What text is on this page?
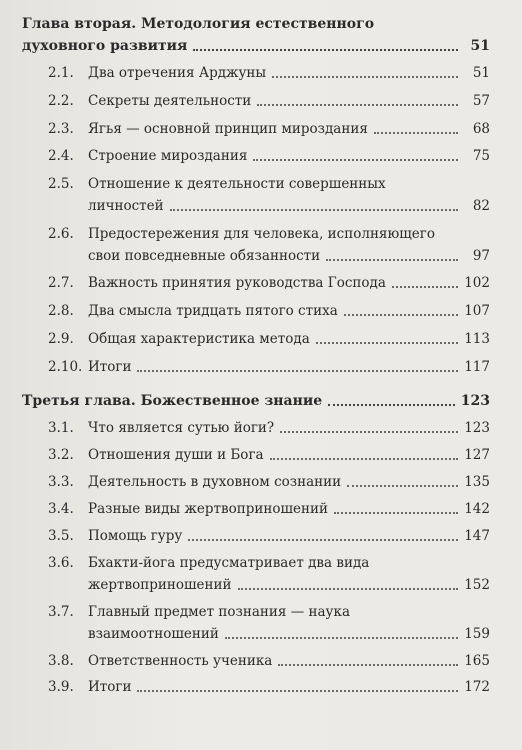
Глава вторая. Методология естественного
духовного развития	51
2.1. Два отречения Арджуны	51
2.2. Секреты деятельности	57
2.3. Ягья — основной принцип мироздания	68
2.4. Строение мироздания	75
2.5. Отношение к деятельности совершенных
личностей	82
2.6. Предостережения для человека, исполняющего
свои повседневные обязанности	97
2.7. Важность принятия руководства Господа	102
2.8. Два смысла тридцать пятого стиха	107
2.9. Общая характеристика метода	113
2.10. Итоги	117
Третья глава. Божественное знание	123
3.1. Что является сутью йоги?	123
3.2. Отношения души и Бога	127
3.3. Деятельность в духовном сознании	135
3.4. Разные виды жертвоприношений	142
3.5. Помощь гуру	147
3.6. Бхакти-йога предусматривает два вида
жертвоприношений	152
3.7. Главный предмет познания — наука
взаимоотношений	159
3.8. Ответственность ученика	165
3.9. Итоги	172
